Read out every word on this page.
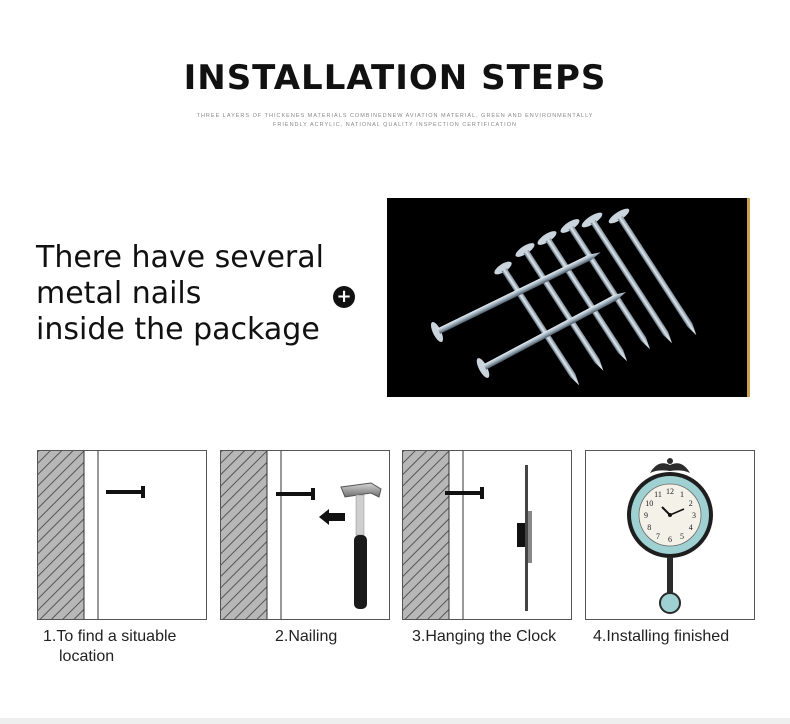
INSTALLATION STEPS
THREE LAYERS OF THICKENES MATERIALS COMBINEDNEW AVIATION MATERIAL, GREEN AND ENVIRONMENTALLY
FRIENDLY ACRYLIC, NATIONAL QUALITY INSPECTION CERTIFICATION
There have several
metal nails
inside the package
+
1.To find a situable
location
2.Nailing	3.Hanging the Clock
12 1
2
3
4
5
6
7
8
9
10
11
4.Installing finished
